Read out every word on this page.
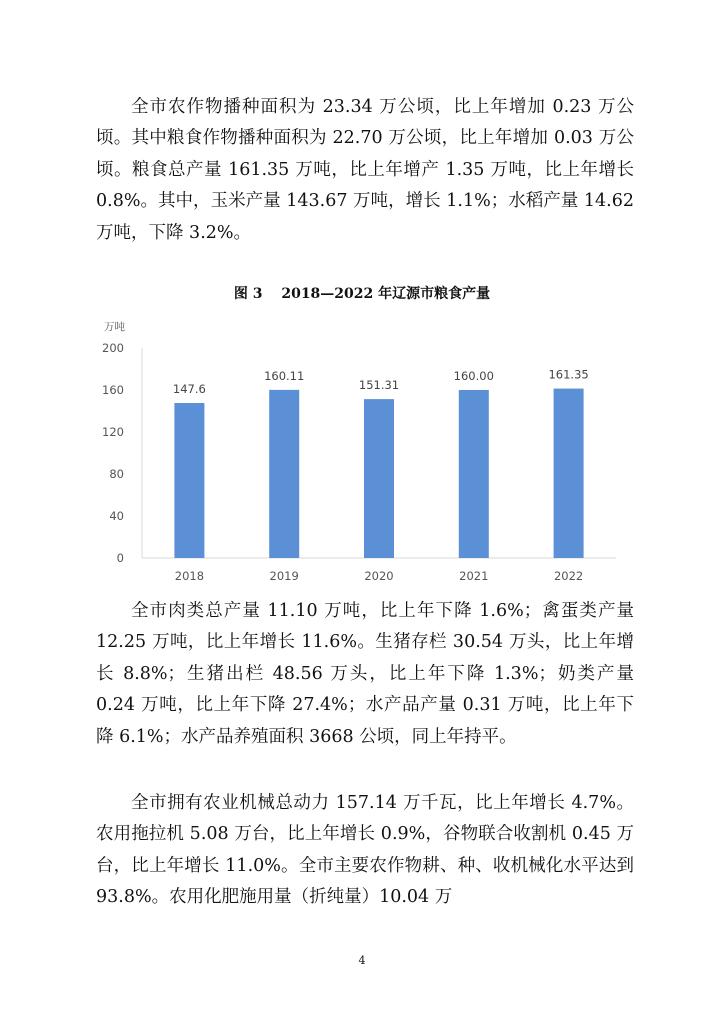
全市农作物播种面积为 23.34 万公顷，比上年增加 0.23 万公顷。其中粮食作物播种面积为 22.70 万公顷，比上年增加 0.03 万公顷。粮食总产量 161.35 万吨，比上年增产 1.35 万吨，比上年增长 0.8%。其中，玉米产量 143.67 万吨，增长 1.1%；水稻产量 14.62 万吨，下降 3.2%。

图 3　 2018—2022 年辽源市粮食产量

万吨
0
40
80
120
160
200
147.6
2018
160.11
2019
151.31
2020
160.00
2021
161.35
2022

全市肉类总产量 11.10 万吨，比上年下降 1.6%；禽蛋类产量 12.25 万吨，比上年增长 11.6%。生猪存栏 30.54 万头，比上年增长 8.8%；生猪出栏 48.56 万头，比上年下降 1.3%；奶类产量 0.24 万吨，比上年下降 27.4%；水产品产量 0.31 万吨，比上年下降 6.1%；水产品养殖面积 3668 公顷，同上年持平。

全市拥有农业机械总动力 157.14 万千瓦，比上年增长 4.7%。农用拖拉机 5.08 万台，比上年增长 0.9%，谷物联合收割机 0.45 万台，比上年增长 11.0%。全市主要农作物耕、种、收机械化水平达到 93.8%。农用化肥施用量（折纯量）10.04 万

4
